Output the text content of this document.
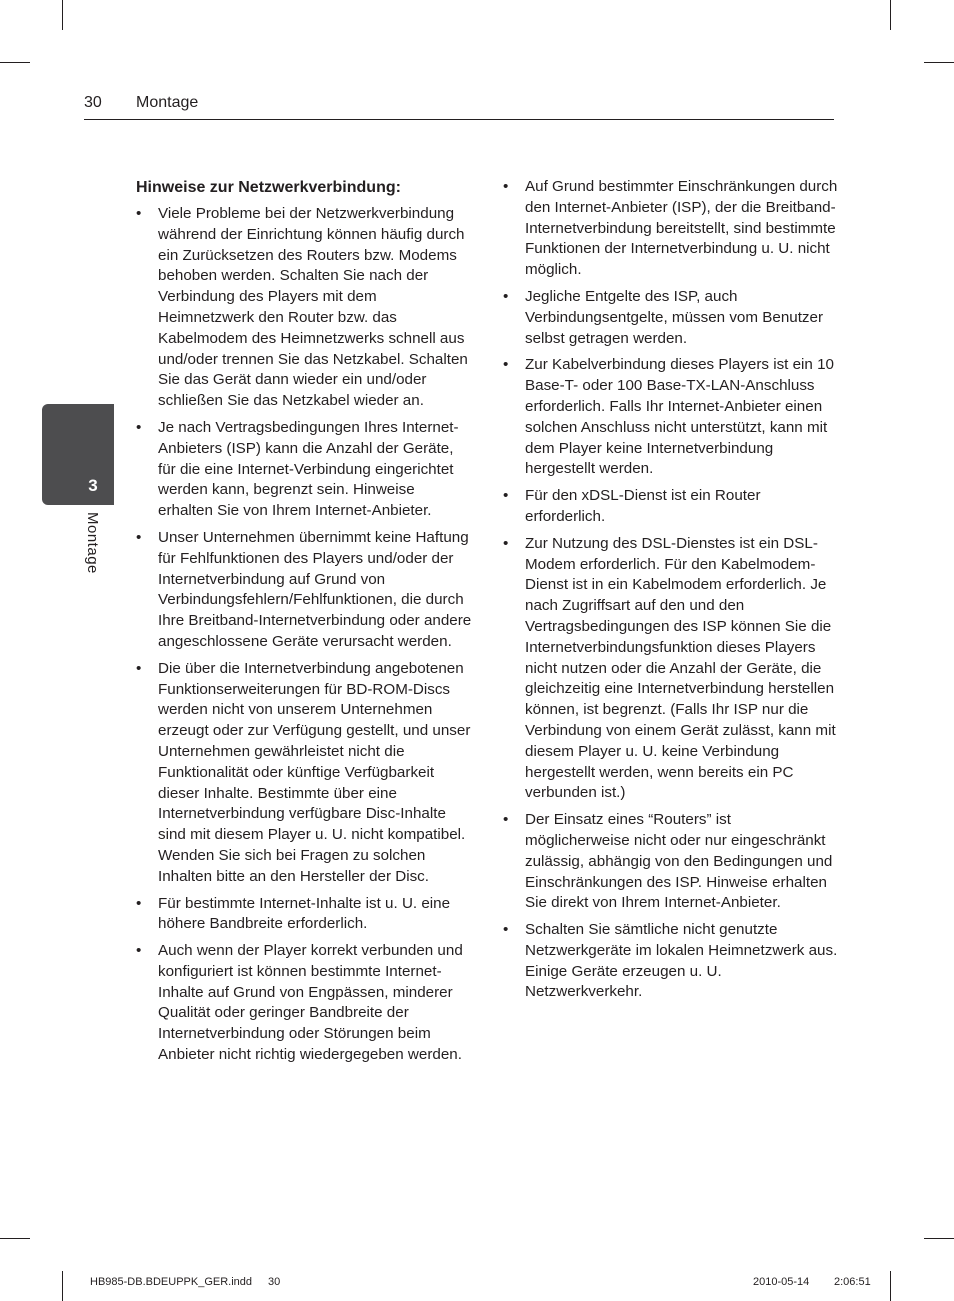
30 Montage
3
Montage
Hinweise zur Netzwerkverbindung:
•	Viele Probleme bei der Netzwerkverbindung während der Einrichtung können häufig durch ein Zurücksetzen des Routers bzw. Modems behoben werden. Schalten Sie nach der Verbindung des Players mit dem Heimnetzwerk den Router bzw. das Kabelmodem des Heimnetzwerks schnell aus und/oder trennen Sie das Netzkabel. Schalten Sie das Gerät dann wieder ein und/oder schließen Sie das Netzkabel wieder an.
•	Je nach Vertragsbedingungen Ihres Internet-Anbieters (ISP) kann die Anzahl der Geräte, für die eine Internet-Verbindung eingerichtet werden kann, begrenzt sein. Hinweise erhalten Sie von Ihrem Internet-Anbieter.
•	Unser Unternehmen übernimmt keine Haftung für Fehlfunktionen des Players und/oder der Internetverbindung auf Grund von Verbindungsfehlern/Fehlfunktionen, die durch Ihre Breitband-Internetverbindung oder andere angeschlossene Geräte verursacht werden.
•	Die über die Internetverbindung angebotenen Funktionserweiterungen für BD-ROM-Discs werden nicht von unserem Unternehmen erzeugt oder zur Verfügung gestellt, und unser Unternehmen gewährleistet nicht die Funktionalität oder künftige Verfügbarkeit dieser Inhalte. Bestimmte über eine Internetverbindung verfügbare Disc-Inhalte sind mit diesem Player u. U. nicht kompatibel. Wenden Sie sich bei Fragen zu solchen Inhalten bitte an den Hersteller der Disc.
•	Für bestimmte Internet-Inhalte ist u. U. eine höhere Bandbreite erforderlich.
•	Auch wenn der Player korrekt verbunden und konfiguriert ist können bestimmte Internet-Inhalte auf Grund von Engpässen, minderer Qualität oder geringer Bandbreite der Internetverbindung oder Störungen beim Anbieter nicht richtig wiedergegeben werden.
•	Auf Grund bestimmter Einschränkungen durch den Internet-Anbieter (ISP), der die Breitband-Internetverbindung bereitstellt, sind bestimmte Funktionen der Internetverbindung u. U. nicht möglich.
•	Jegliche Entgelte des ISP, auch Verbindungsentgelte, müssen vom Benutzer selbst getragen werden.
•	Zur Kabelverbindung dieses Players ist ein 10 Base-T- oder 100 Base-TX-LAN-Anschluss erforderlich. Falls Ihr Internet-Anbieter einen solchen Anschluss nicht unterstützt, kann mit dem Player keine Internetverbindung hergestellt werden.
•	Für den xDSL-Dienst ist ein Router erforderlich.
•	Zur Nutzung des DSL-Dienstes ist ein DSL-Modem erforderlich. Für den Kabelmodem-Dienst ist in ein Kabelmodem erforderlich. Je nach Zugriffsart auf den und den Vertragsbedingungen des ISP können Sie die Internetverbindungsfunktion dieses Players nicht nutzen oder die Anzahl der Geräte, die gleichzeitig eine Internetverbindung herstellen können, ist begrenzt. (Falls Ihr ISP nur die Verbindung von einem Gerät zulässt, kann mit diesem Player u. U. keine Verbindung hergestellt werden, wenn bereits ein PC verbunden ist.)
•	Der Einsatz eines “Routers” ist möglicherweise nicht oder nur eingeschränkt zulässig, abhängig von den Bedingungen und Einschränkungen des ISP. Hinweise erhalten Sie direkt von Ihrem Internet-Anbieter.
•	Schalten Sie sämtliche nicht genutzte Netzwerkgeräte im lokalen Heimnetzwerk aus. Einige Geräte erzeugen u. U. Netzwerkverkehr.
HB985-DB.BDEUPPK_GER.indd 30	2010-05-14 2:06:51
